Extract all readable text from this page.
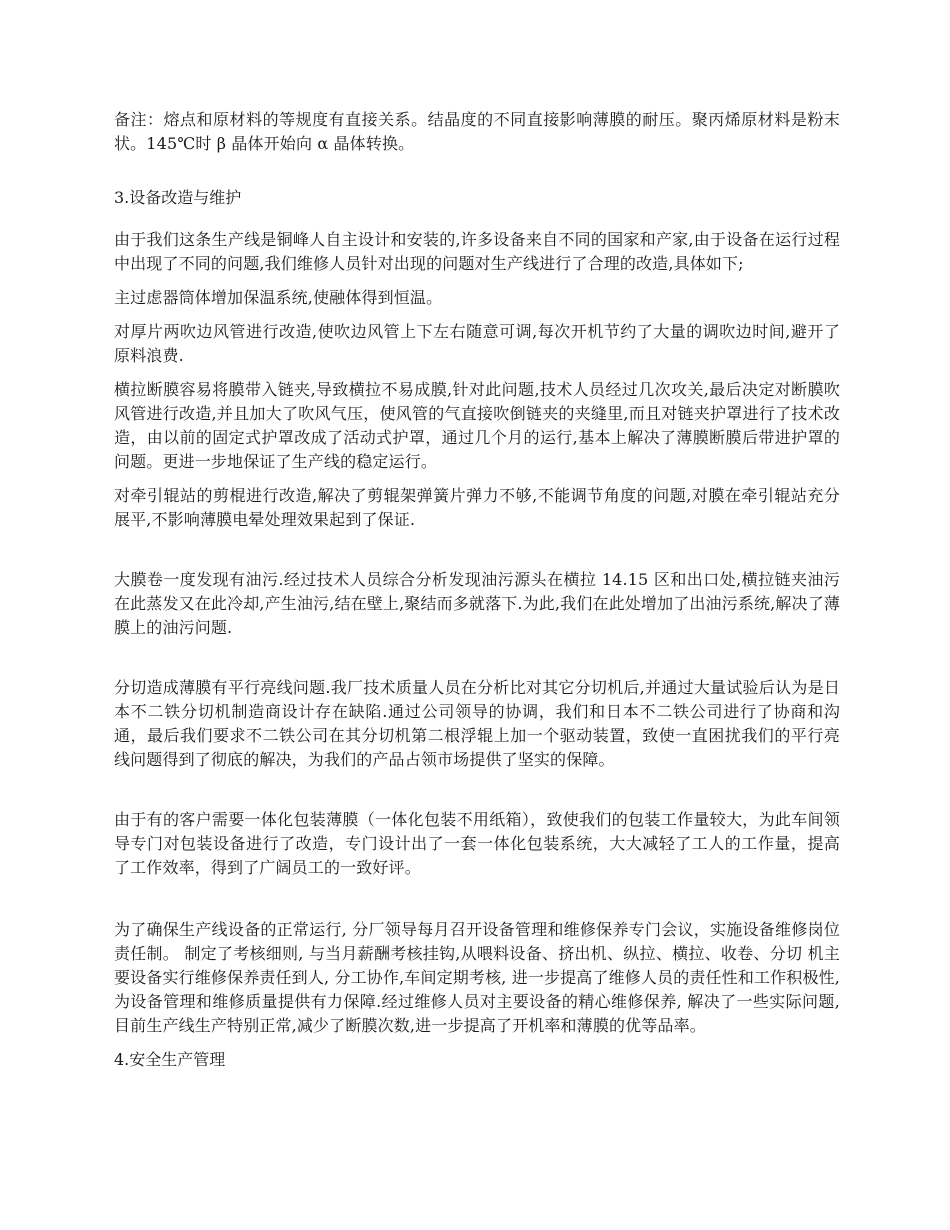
备注：熔点和原材料的等规度有直接关系。结晶度的不同直接影响薄膜的耐压。聚丙烯原材料是粉末状。145℃时 β 晶体开始向 α 晶体转换。

3.设备改造与维护

由于我们这条生产线是铜峰人自主设计和安装的,许多设备来自不同的国家和产家,由于设备在运行过程中出现了不同的问题,我们维修人员针对出现的问题对生产线进行了合理的改造,具体如下;

主过虑器筒体增加保温系统,使融体得到恒温。

对厚片两吹边风管进行改造,使吹边风管上下左右随意可调,每次开机节约了大量的调吹边时间,避开了原料浪费.

横拉断膜容易将膜带入链夹,导致横拉不易成膜,针对此问题,技术人员经过几次攻关,最后决定对断膜吹风管进行改造,并且加大了吹风气压，使风管的气直接吹倒链夹的夹缝里,而且对链夹护罩进行了技术改造，由以前的固定式护罩改成了活动式护罩，通过几个月的运行,基本上解决了薄膜断膜后带进护罩的问题。更进一步地保证了生产线的稳定运行。

对牵引辊站的剪棍进行改造,解决了剪辊架弹簧片弹力不够,不能调节角度的问题,对膜在牵引辊站充分展平,不影响薄膜电晕处理效果起到了保证.

大膜卷一度发现有油污.经过技术人员综合分析发现油污源头在横拉 14.15 区和出口处,横拉链夹油污在此蒸发又在此冷却,产生油污,结在壁上,聚结而多就落下.为此,我们在此处增加了出油污系统,解决了薄膜上的油污问题.

分切造成薄膜有平行亮线问题.我厂技术质量人员在分析比对其它分切机后,并通过大量试验后认为是日本不二铁分切机制造商设计存在缺陷.通过公司领导的协调，我们和日本不二铁公司进行了协商和沟通，最后我们要求不二铁公司在其分切机第二根浮辊上加一个驱动装置，致使一直困扰我们的平行亮线问题得到了彻底的解决，为我们的产品占领市场提供了坚实的保障。

由于有的客户需要一体化包装薄膜（一体化包装不用纸箱），致使我们的包装工作量较大，为此车间领导专门对包装设备进行了改造，专门设计出了一套一体化包装系统，大大减轻了工人的工作量，提高了工作效率，得到了广阔员工的一致好评。

为了确保生产线设备的正常运行, 分厂领导每月召开设备管理和维修保养专门会议，实施设备维修岗位责任制。 制定了考核细则, 与当月薪酬考核挂钩,从喂料设备、挤出机、纵拉、横拉、收卷、分切 机主要设备实行维修保养责任到人, 分工协作,车间定期考核, 进一步提高了维修人员的责任性和工作积极性,为设备管理和维修质量提供有力保障.经过维修人员对主要设备的精心维修保养, 解决了一些实际问题,目前生产线生产特别正常,减少了断膜次数,进一步提高了开机率和薄膜的优等品率。

4.安全生产管理
